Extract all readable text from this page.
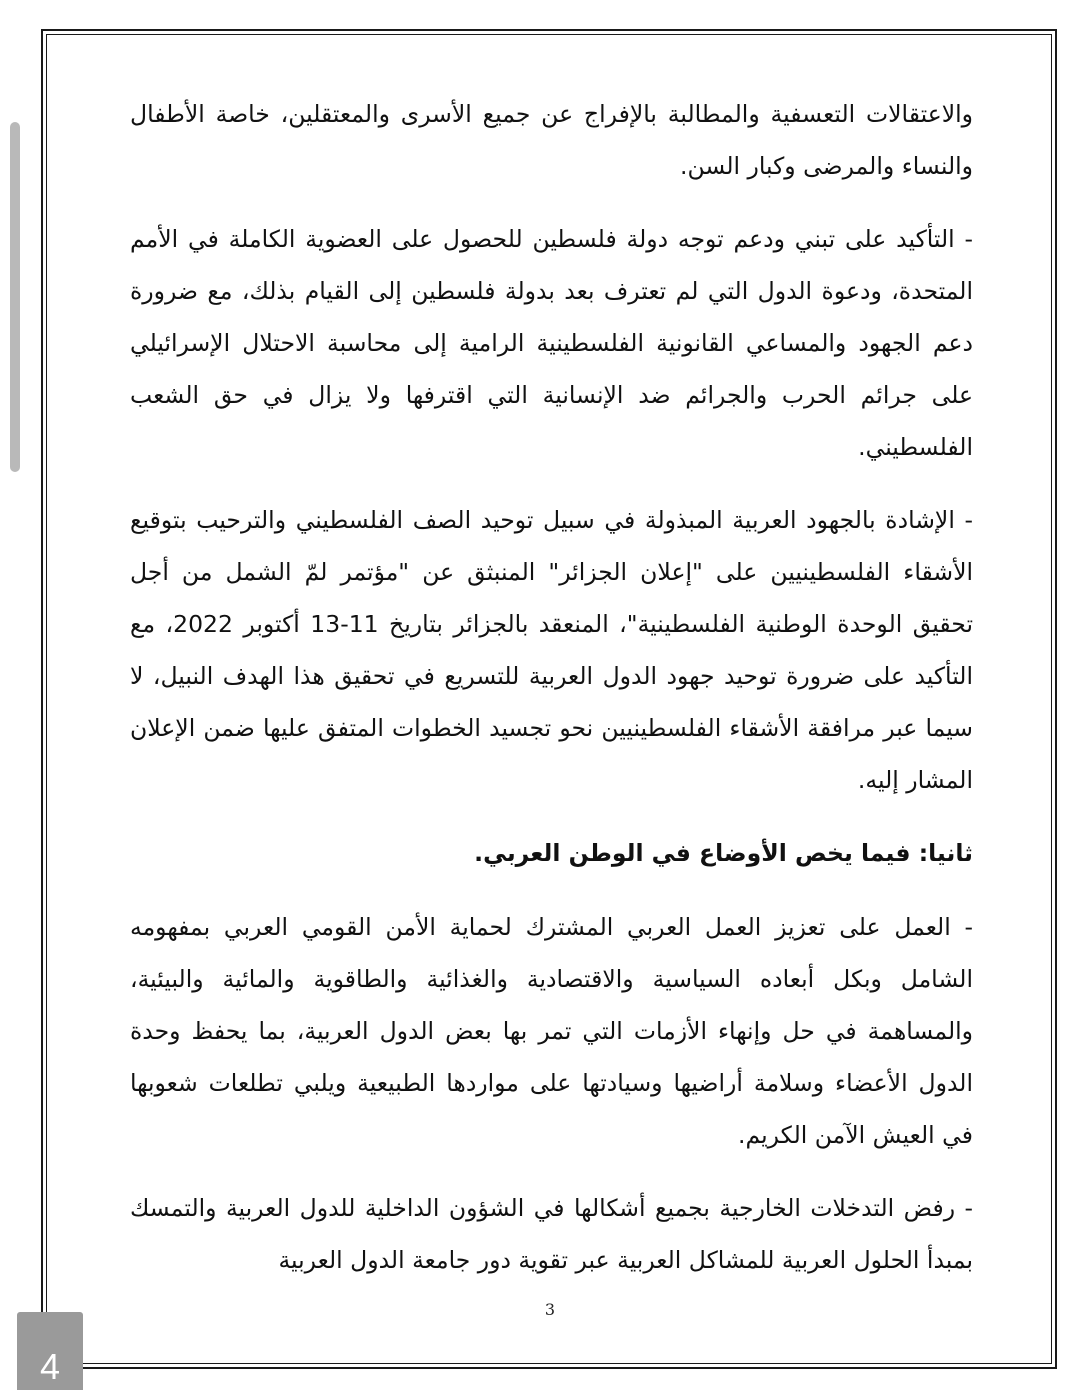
والاعتقالات التعسفية والمطالبة بالإفراج عن جميع الأسرى والمعتقلين، خاصة الأطفال والنساء والمرضى وكبار السن.

- التأكيد على تبني ودعم توجه دولة فلسطين للحصول على العضوية الكاملة في الأمم المتحدة، ودعوة الدول التي لم تعترف بعد بدولة فلسطين إلى القيام بذلك، مع ضرورة دعم الجهود والمساعي القانونية الفلسطينية الرامية إلى محاسبة الاحتلال الإسرائيلي على جرائم الحرب والجرائم ضد الإنسانية التي اقترفها ولا يزال في حق الشعب الفلسطيني.

- الإشادة بالجهود العربية المبذولة في سبيل توحيد الصف الفلسطيني والترحيب بتوقيع الأشقاء الفلسطينيين على "إعلان الجزائر" المنبثق عن "مؤتمر لمّ الشمل من أجل تحقيق الوحدة الوطنية الفلسطينية"، المنعقد بالجزائر بتاريخ 11-13 أكتوبر 2022، مع التأكيد على ضرورة توحيد جهود الدول العربية للتسريع في تحقيق هذا الهدف النبيل، لا سيما عبر مرافقة الأشقاء الفلسطينيين نحو تجسيد الخطوات المتفق عليها ضمن الإعلان المشار إليه.

ثانيا: فيما يخص الأوضاع في الوطن العربي.

- العمل على تعزيز العمل العربي المشترك لحماية الأمن القومي العربي بمفهومه الشامل وبكل أبعاده السياسية والاقتصادية والغذائية والطاقوية والمائية والبيئية، والمساهمة في حل وإنهاء الأزمات التي تمر بها بعض الدول العربية، بما يحفظ وحدة الدول الأعضاء وسلامة أراضيها وسيادتها على مواردها الطبيعية ويلبي تطلعات شعوبها في العيش الآمن الكريم.

- رفض التدخلات الخارجية بجميع أشكالها في الشؤون الداخلية للدول العربية والتمسك بمبدأ الحلول العربية للمشاكل العربية عبر تقوية دور جامعة الدول العربية

3
4
